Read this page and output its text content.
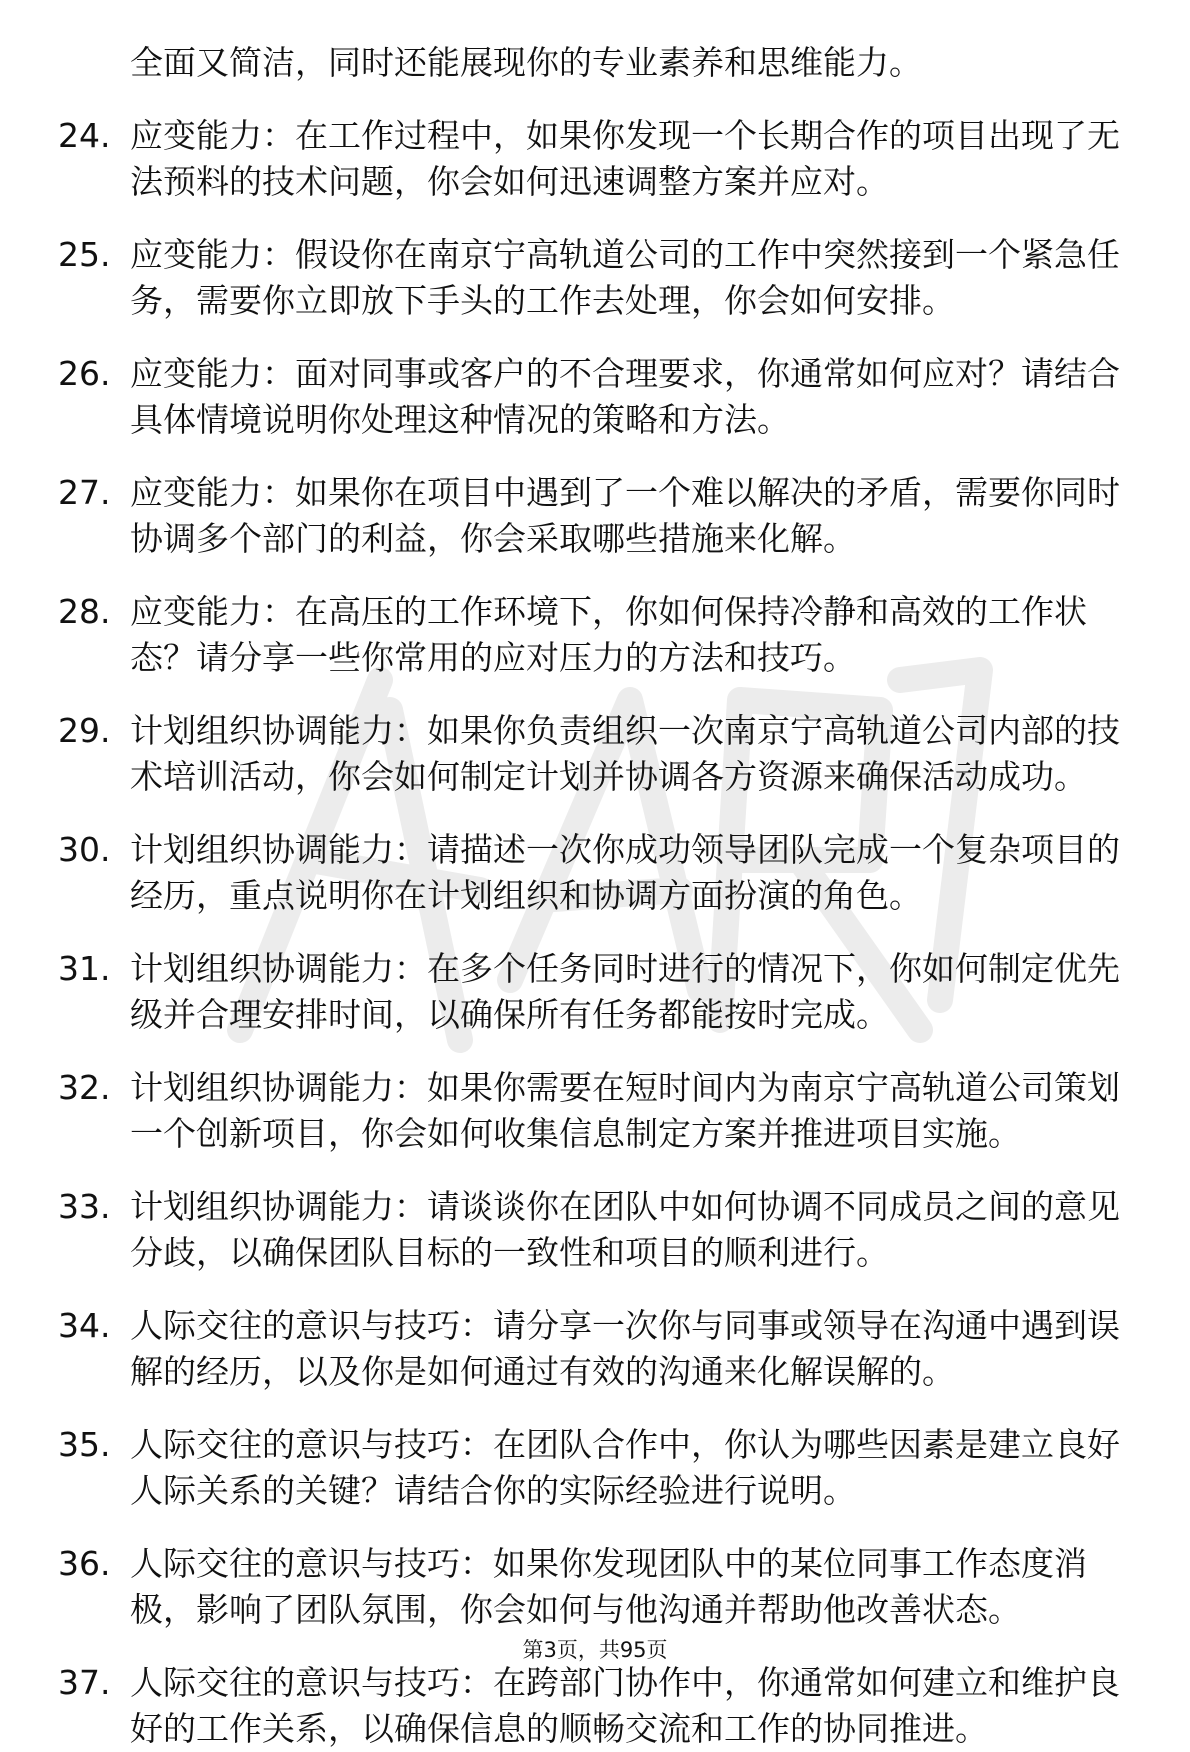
全面又简洁，同时还能展现你的专业素养和思维能力。
24. 应变能力：在工作过程中，如果你发现一个长期合作的项目出现了无法预料的技术问题，你会如何迅速调整方案并应对。

25. 应变能力：假设你在南京宁高轨道公司的工作中突然接到一个紧急任务，需要你立即放下手头的工作去处理，你会如何安排。

26. 应变能力：面对同事或客户的不合理要求，你通常如何应对？请结合具体情境说明你处理这种情况的策略和方法。

27. 应变能力：如果你在项目中遇到了一个难以解决的矛盾，需要你同时协调多个部门的利益，你会采取哪些措施来化解。

28. 应变能力：在高压的工作环境下，你如何保持冷静和高效的工作状态？请分享一些你常用的应对压力的方法和技巧。

29. 计划组织协调能力：如果你负责组织一次南京宁高轨道公司内部的技术培训活动，你会如何制定计划并协调各方资源来确保活动成功。

30. 计划组织协调能力：请描述一次你成功领导团队完成一个复杂项目的经历，重点说明你在计划组织和协调方面扮演的角色。

31. 计划组织协调能力：在多个任务同时进行的情况下，你如何制定优先级并合理安排时间，以确保所有任务都能按时完成。

32. 计划组织协调能力：如果你需要在短时间内为南京宁高轨道公司策划一个创新项目，你会如何收集信息制定方案并推进项目实施。

33. 计划组织协调能力：请谈谈你在团队中如何协调不同成员之间的意见分歧，以确保团队目标的一致性和项目的顺利进行。

34. 人际交往的意识与技巧：请分享一次你与同事或领导在沟通中遇到误解的经历，以及你是如何通过有效的沟通来化解误解的。

35. 人际交往的意识与技巧：在团队合作中，你认为哪些因素是建立良好人际关系的关键？请结合你的实际经验进行说明。

36. 人际交往的意识与技巧：如果你发现团队中的某位同事工作态度消极，影响了团队氛围，你会如何与他沟通并帮助他改善状态。

37. 人际交往的意识与技巧：在跨部门协作中，你通常如何建立和维护良好的工作关系，以确保信息的顺畅交流和工作的协同推进。

第3页，共95页
